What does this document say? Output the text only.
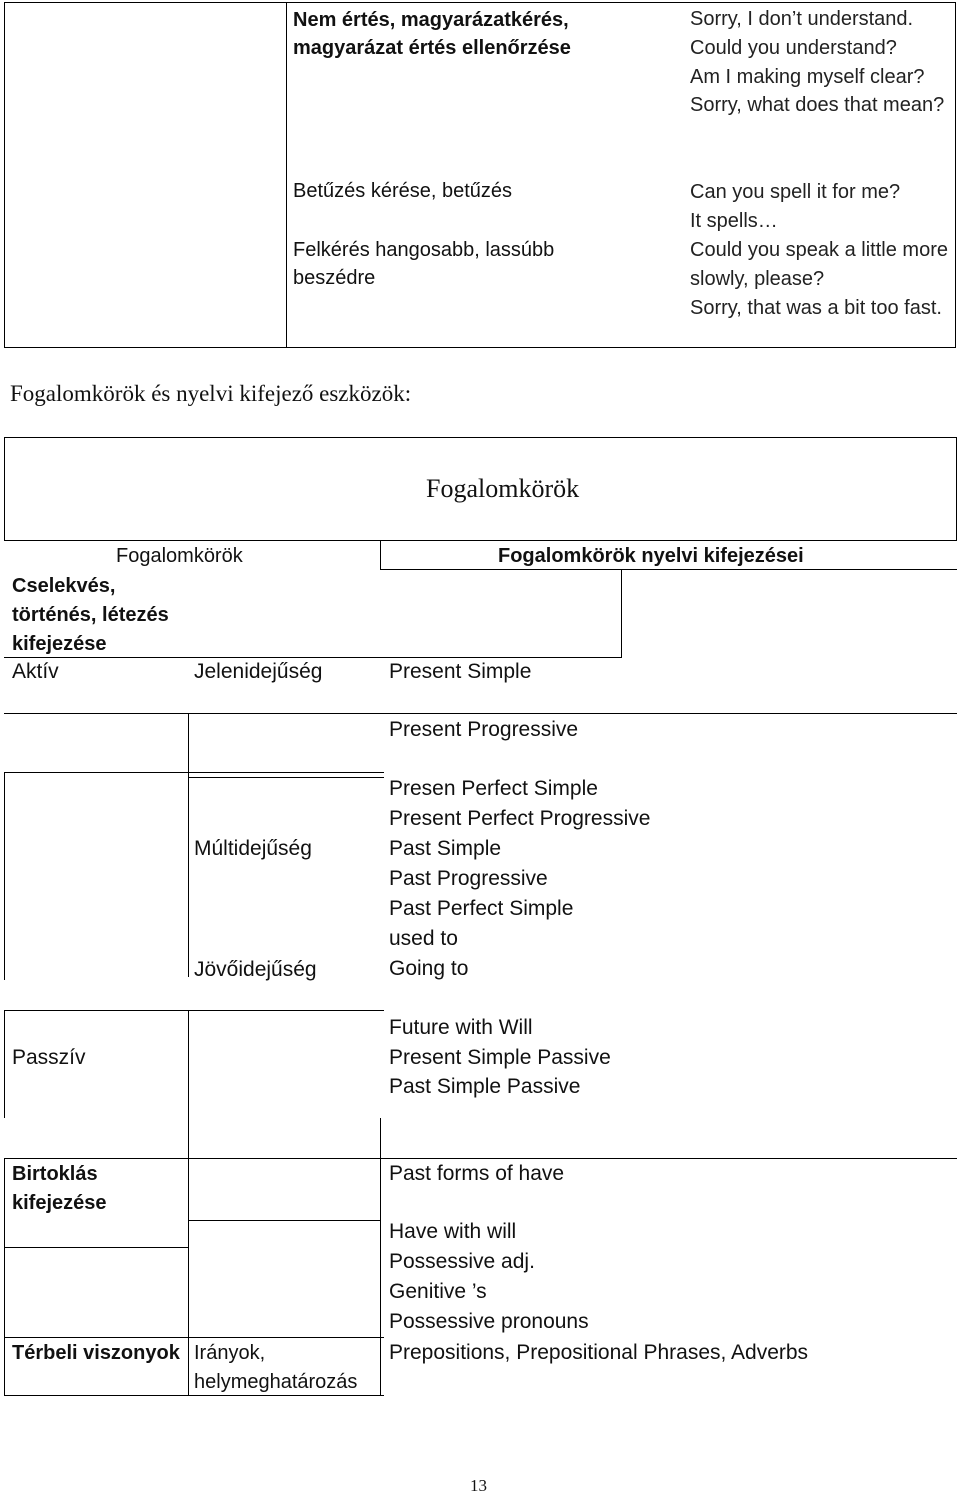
Nem értés, magyarázatkérés, magyarázat értés ellenőrzése
Betűzés kérése, betűzés
Felkérés hangosabb, lassúbb beszédre
Sorry, I don’t understand.
Could you understand?
Am I making myself clear?
Sorry, what does that mean?
Can you spell it for me?
It spells…
Could you speak a little more slowly, please?
Sorry, that was a bit too fast.
Fogalomkörök és nyelvi kifejező eszközök:
Fogalomkörök
Fogalomkörök	Fogalomkörök nyelvi kifejezései
Cselekvés, történés, létezés kifejezése
Aktív	Jelenidejűség
Múltidejűség
Jövőidejűség
Passzív
Birtoklás kifejezése
Térbeli viszonyok Irányok, helymeghatározás
Present Simple
Present Progressive
Presen Perfect Simple
Present Perfect Progressive
Past Simple
Past Progressive
Past Perfect Simple
used to
Going to
Future with Will
Present Simple Passive
Past Simple Passive
Past forms of have
Have with will
Possessive adj.
Genitive ’s
Possessive pronouns
Prepositions, Prepositional Phrases, Adverbs
13
